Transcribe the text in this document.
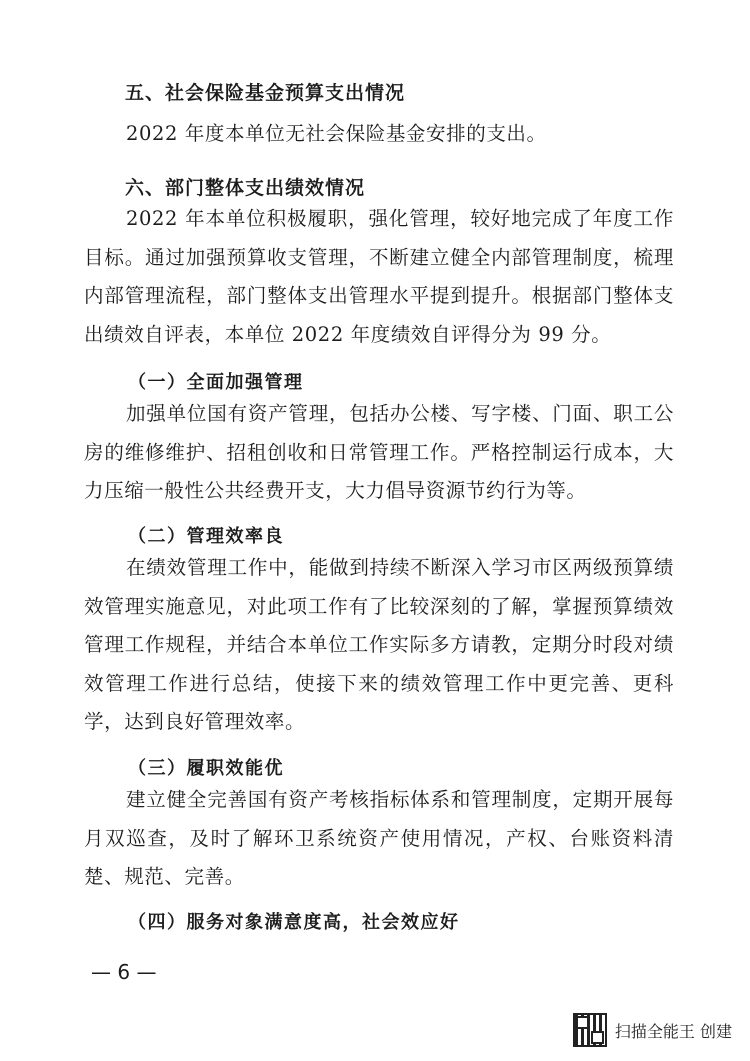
五、社会保险基金预算支出情况
2022 年度本单位无社会保险基金安排的支出。
六、部门整体支出绩效情况
2022 年本单位积极履职，强化管理，较好地完成了年度工作目标。通过加强预算收支管理，不断建立健全内部管理制度，梳理内部管理流程，部门整体支出管理水平提到提升。根据部门整体支出绩效自评表，本单位 2022 年度绩效自评得分为 99 分。
（一）全面加强管理
加强单位国有资产管理，包括办公楼、写字楼、门面、职工公房的维修维护、招租创收和日常管理工作。严格控制运行成本，大力压缩一般性公共经费开支，大力倡导资源节约行为等。
（二）管理效率良
在绩效管理工作中，能做到持续不断深入学习市区两级预算绩效管理实施意见，对此项工作有了比较深刻的了解，掌握预算绩效管理工作规程，并结合本单位工作实际多方请教，定期分时段对绩效管理工作进行总结，使接下来的绩效管理工作中更完善、更科学，达到良好管理效率。
（三）履职效能优
建立健全完善国有资产考核指标体系和管理制度，定期开展每月双巡查，及时了解环卫系统资产使用情况，产权、台账资料清楚、规范、完善。
（四）服务对象满意度高，社会效应好
— 6 —
扫描全能王 创建
